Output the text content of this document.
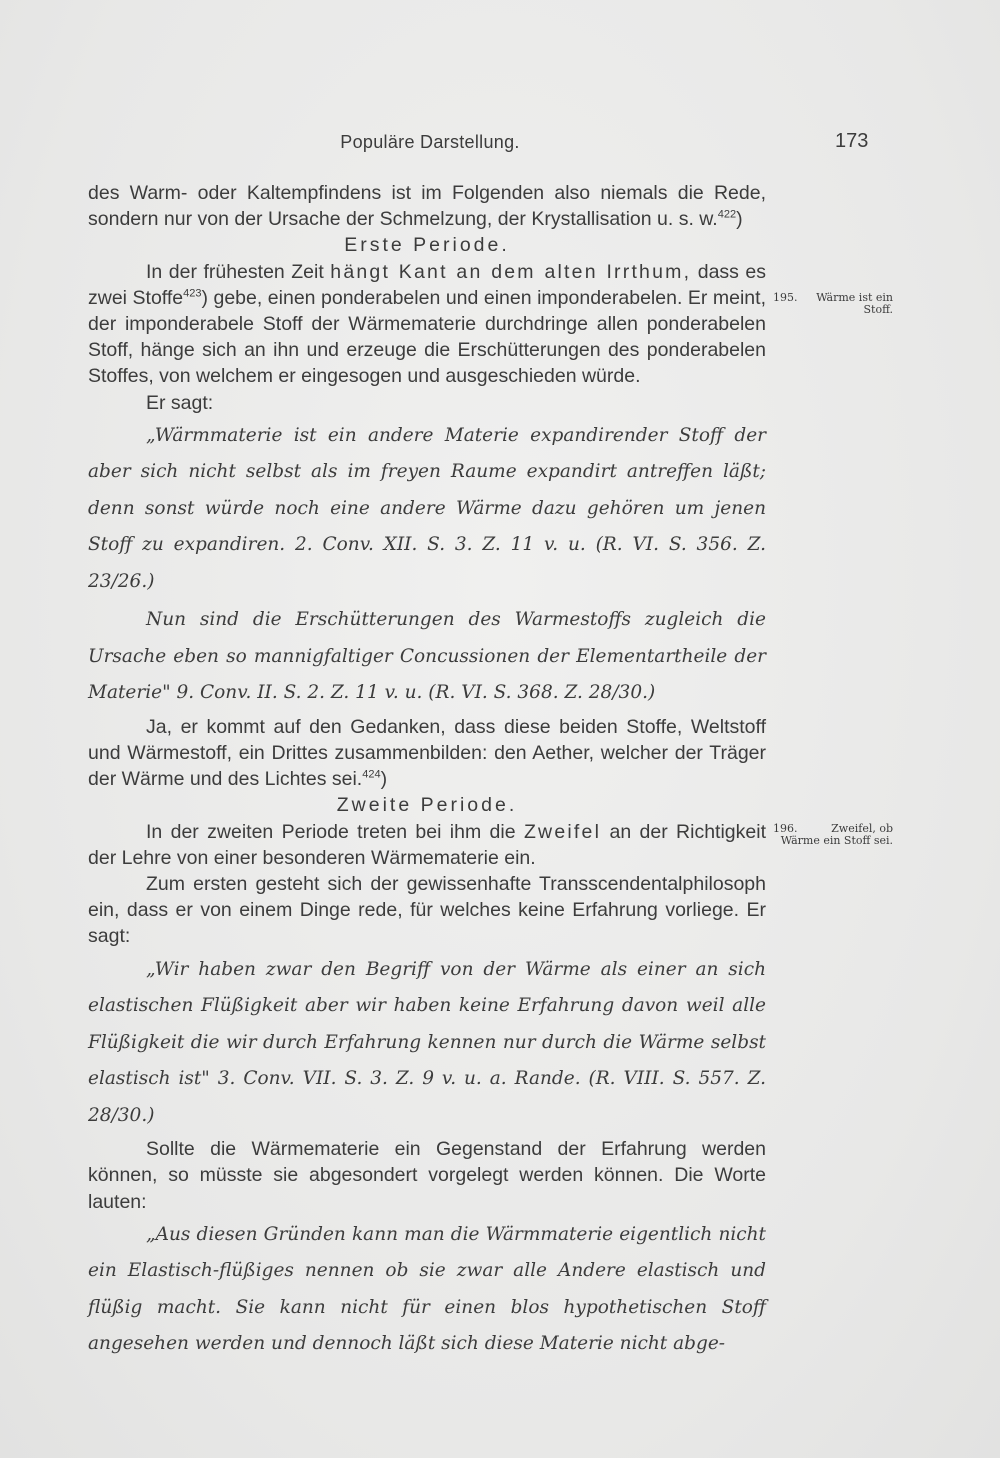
Populäre Darstellung.	173
195. Wärme ist ein Stoff.
196.	Zweifel, ob Wärme ein Stoff sei.

des Warm- oder Kaltempfindens ist im Folgenden also niemals die Rede, sondern nur von der Ursache der Schmelzung, der Krystallisation u. s. w.$^{422}$)

Erste Periode.

In der frühesten Zeit hängt Kant an dem alten Irrthum, dass es zwei Stoffe$^{423}$) gebe, einen ponderabelen und einen imponderabelen. Er meint, der imponderabele Stoff der Wärmematerie durchdringe allen ponderabelen Stoff, hänge sich an ihn und erzeuge die Erschütterungen des ponderabelen Stoffes, von welchem er eingesogen und ausgeschieden würde.

Er sagt:

„Wärmmaterie ist ein andere Materie expandirender Stoff der aber sich nicht selbst als im freyen Raume expandirt antreffen läßt; denn sonst würde noch eine andere Wärme dazu gehören um jenen Stoff zu expandiren. 2. Conv. XII. S. 3. Z. 11 v. u. (R. VI. S. 356. Z. 23/26.)

Nun sind die Erschütterungen des Warmestoffs zugleich die Ursache eben so mannigfaltiger Concussionen der Elementartheile der Materie" 9. Conv. II. S. 2. Z. 11 v. u. (R. VI. S. 368. Z. 28/30.)

Ja, er kommt auf den Gedanken, dass diese beiden Stoffe, Weltstoff und Wärmestoff, ein Drittes zusammenbilden: den Aether, welcher der Träger der Wärme und des Lichtes sei.$^{424}$)

Zweite Periode.

In der zweiten Periode treten bei ihm die Zweifel an der Richtigkeit der Lehre von einer besonderen Wärmematerie ein.

Zum ersten gesteht sich der gewissenhafte Transscendentalphilosoph ein, dass er von einem Dinge rede, für welches keine Erfahrung vorliege. Er sagt:

„Wir haben zwar den Begriff von der Wärme als einer an sich elastischen Flüßigkeit aber wir haben keine Erfahrung davon weil alle Flüßigkeit die wir durch Erfahrung kennen nur durch die Wärme selbst elastisch ist" 3. Conv. VII. S. 3. Z. 9 v. u. a. Rande. (R. VIII. S. 557. Z. 28/30.)

Sollte die Wärmematerie ein Gegenstand der Erfahrung werden können, so müsste sie abgesondert vorgelegt werden können. Die Worte lauten:

„Aus diesen Gründen kann man die Wärmmaterie eigentlich nicht ein Elastisch-flüßiges nennen ob sie zwar alle Andere elastisch und flüßig macht. Sie kann nicht für einen blos hypothetischen Stoff angesehen werden und dennoch läßt sich diese Materie nicht abge-
